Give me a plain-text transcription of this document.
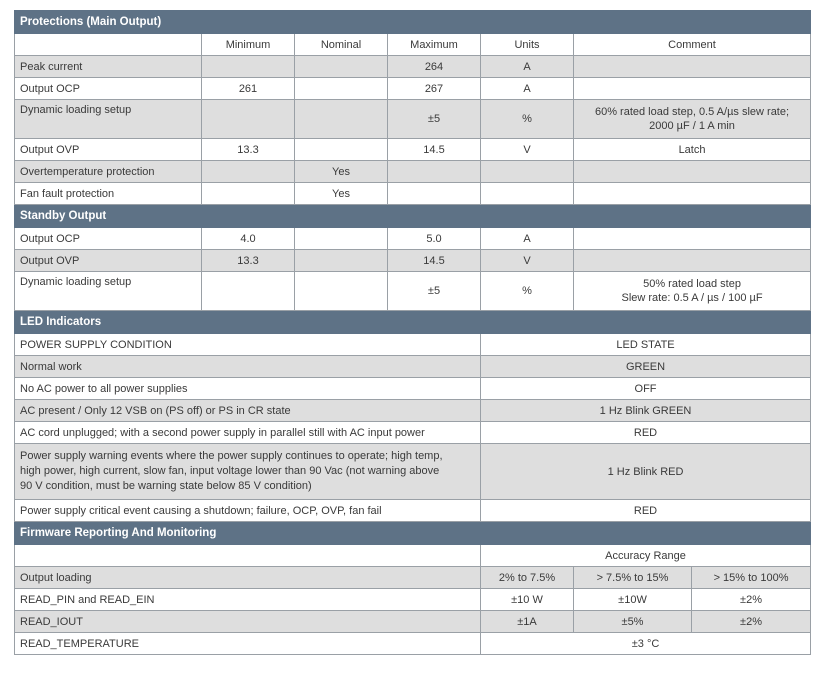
Protections (Main Output)						
	Minimum	Nominal	Maximum	Units	Comment	
Peak current			264	A		
Output OCP	261		267	A		
Dynamic loading setup			±5	%	60% rated load step, 0.5 A/µs slew rate;
2000 µF / 1 A min	

Output OVP	13.3		14.5	V	Latch	
Overtemperature protection		Yes				
Fan fault protection		Yes				
Standby Output						
Output OCP	4.0		5.0	A		
Output OVP	13.3		14.5	V		
Dynamic loading setup			±5	%	50% rated load step
Slew rate: 0.5 A / µs / 100 µF	

LED Indicators						
POWER SUPPLY CONDITION				LED STATE		
Normal work				GREEN		
No AC power to all power supplies				OFF		
AC present / Only 12 VSB on (PS off) or PS in CR state				1 Hz Blink GREEN		
AC cord unplugged; with a second power supply in parallel still with AC input power				RED		

Power supply warning events where the power supply continues to operate; high temp,
high power, high current, slow fan, input voltage lower than 90 Vac (not warning above
90 V condition, must be warning state below 85 V condition)				1 Hz Blink RED		
Power supply critical event causing a shutdown; failure, OCP, OVP, fan fail				RED		
Firmware Reporting And Monitoring						
				Accuracy Range		
Output loading				2% to 7.5%	> 7.5% to 15%	> 15% to 100%
READ_PIN and READ_EIN				±10 W	±10W	±2%
READ_IOUT				±1A	±5%	±2%
READ_TEMPERATURE				±3 °C		
